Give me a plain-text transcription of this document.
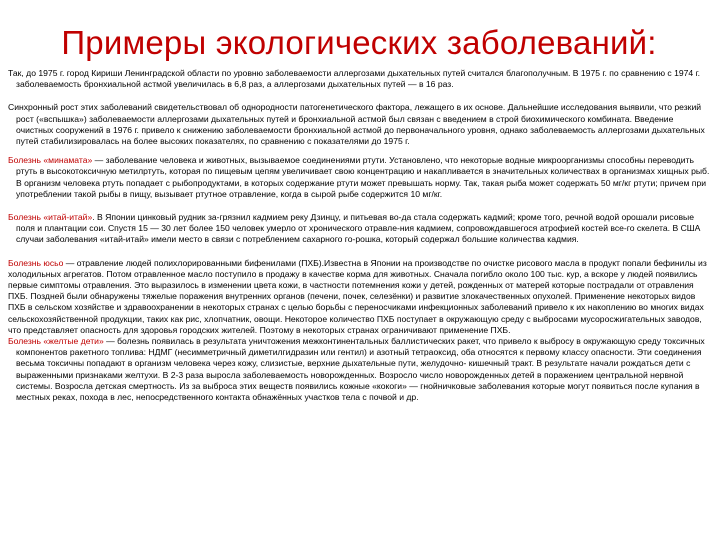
Примеры экологических заболеваний:

Так, до 1975 г. город Кириши Ленинградской области по уровню заболеваемости аллергозами дыхательных путей считался благополучным. В 1975 г. по сравнению с 1974 г. заболеваемость бронхиальной астмой увеличилась в 6,8 раз, а аллергозами дыхательных путей — в 16 раз.

Синхронный рост этих заболеваний свидетельствовал об однородности патогенетического фактора, лежащего в их основе. Дальнейшие исследования выявили, что резкий рост («вспышка») заболеваемости аллергозами дыхательных путей и бронхиальной астмой был связан с введением в строй биохимического комбината. Введение очистных сооружений в 1976 г. привело к снижению заболеваемости бронхиальной астмой до первоначального уровня, однако заболеваемость аллергозами дыхательных путей стабилизировалась на более высоких показателях, по сравнению с показателями до 1975 г.

Болезнь «минамата» — заболевание человека и животных, вызываемое соединениями ртути. Установлено, что некоторые водные микроорганизмы способны переводить ртуть в высокотоксичную метилртуть, которая по пищевым цепям увеличивает свою концентрацию и накапливается в значительных количествах в организмах хищных рыб. В организм человека ртуть попадает с рыбопродуктами, в которых содержание ртути может превышать норму. Так, такая рыба может содержать 50 мг/кг ртути; причем при употреблении такой рыбы в пищу, вызывает ртутное отравление, когда в сырой рыбе содержится 10 мг/кг.

Болезнь «итай-итай». В Японии цинковый рудник за-грязнил кадмием реку Дзинцу, и питьевая во-да стала содержать кадмий; кроме того, речной водой орошали рисовые поля и плантации сои. Спустя 15 — 30 лет более 150 человек умерло от хронического отравле-ния кадмием, сопровождавшегося атрофией костей все-го скелета. В США случаи заболевания «итай-итай» имели место в связи с потреблением сахарного го-рошка, который содержал большие количества кадмия.

Болезнь юсьо — отравление людей полихлорированными бифенилами (ПХБ).Известна в Японии на производстве по очистке рисового масла в продукт попали бефинилы из холодильных агрегатов. Потом отравленное масло поступило в продажу в качестве корма для животных. Сначала погибло около 100 тыс. кур, а вскоре у людей появились первые симптомы отравления. Это выразилось в изменении цвета кожи, в частности потемнения кожи у детей, рожденных от матерей которые пострадали от отравления ПХБ. Поздней были обнаружены тяжелые поражения внутренних органов (печени, почек, селезёнки) и развитие злокачественных опухолей. Применение некоторых видов ПХБ в сельском хозяйстве и здравоохранении в некоторых странах с целью борьбы с переносчиками инфекционных заболеваний привело к их накоплению во многих видах сельскохозяйственной продукции, таких как рис, хлопчатник, овощи. Некоторое количество ПХБ поступает в окружающую среду с выбросами мусоросжигательных заводов, что представляет опасность для здоровья городских жителей. Поэтому в некоторых странах ограничивают применение ПХБ.

Болезнь «желтые дети» — болезнь появилась в результата уничтожения межконтинентальных баллистических ракет, что привело к выбросу в окружающую среду токсичных компонентов ракетного топлива: НДМГ (несимметричный диметилгидразин или гентил) и азотный тетраоксид, оба относятся к первому классу опасности. Эти соединения весьма токсичны попадают в организм человека через кожу, слизистые, верхние дыхательные пути, желудочно- кишечный тракт. В результате начали рождаться дети с выраженными признаками желтухи. В 2-3 раза выросла заболеваемость новорожденных. Возросло число новорожденных детей в поражением центральной нервной системы. Возросла детская смертность. Из за выброса этих веществ появились кожные «кокоги» — гнойничковые заболевания которые могут появиться после купания в местных реках, похода в лес, непосредственного контакта обнажённых участков тела с почвой и др.
